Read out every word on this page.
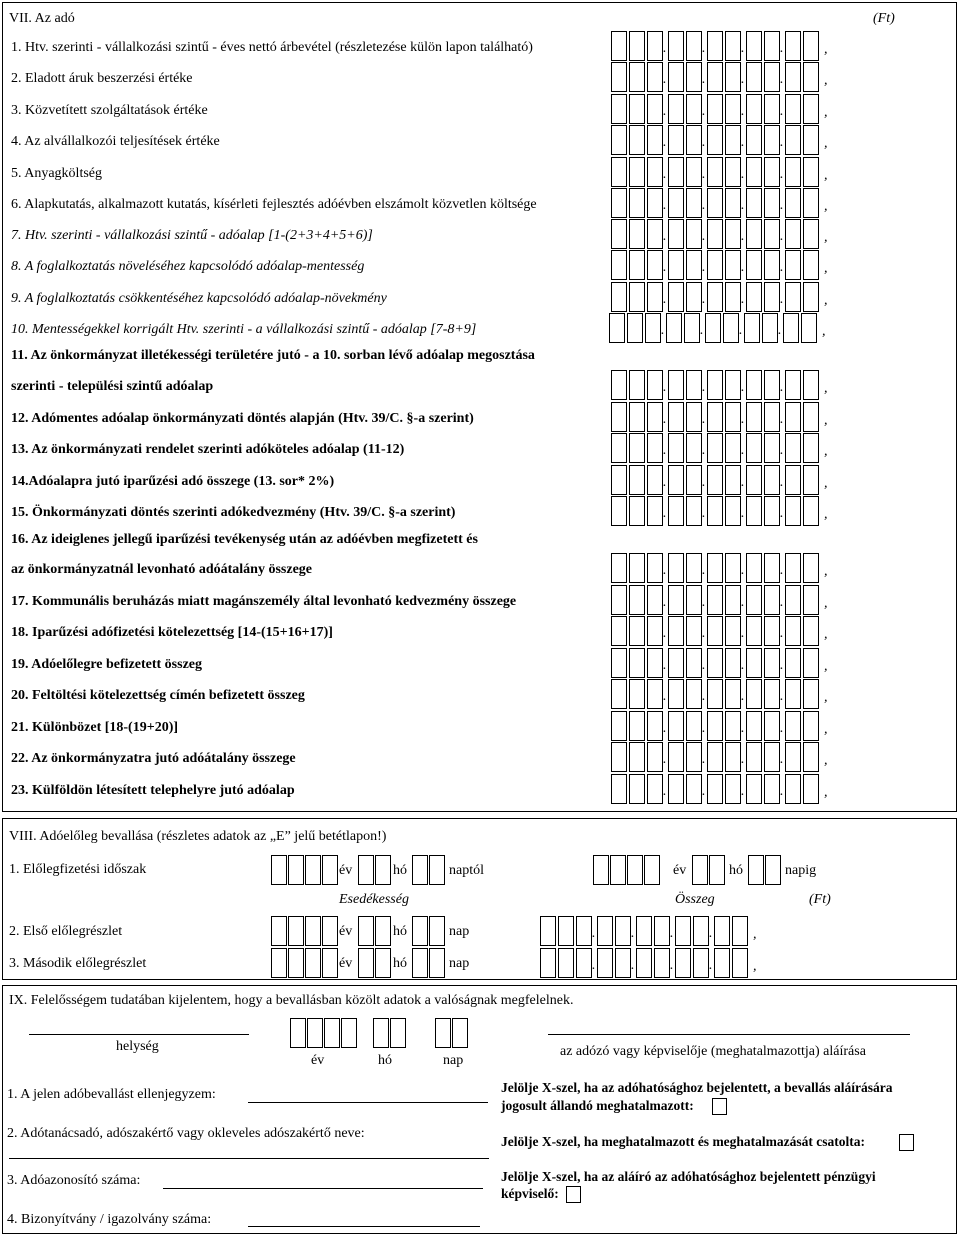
VII. Az adó	(Ft)
1. Htv. szerinti - vállalkozási szintű - éves nettó árbevétel (részletezése külön lapon található)	.	.	.	.	,
2. Eladott áruk beszerzési értéke	.	.	.	.	,
3. Közvetített szolgáltatások értéke	.	.	.	.	,
4. Az alvállalkozói teljesítések értéke	.	.	.	.	,
5. Anyagköltség	.	.	.	.	,
6. Alapkutatás, alkalmazott kutatás, kísérleti fejlesztés adóévben elszámolt közvetlen költsége	.	.	.	.	,
7. Htv. szerinti - vállalkozási szintű - adóalap [1-(2+3+4+5+6)]	.	.	.	.	,
8. A foglalkoztatás növeléséhez kapcsolódó adóalap-mentesség	.	.	.	.	,
9. A foglalkoztatás csökkentéséhez kapcsolódó adóalap-növekmény	.	.	.	.	,
10. Mentességekkel korrigált Htv. szerinti - a vállalkozási szintű - adóalap [7-8+9]	.	.	.	.	,
11. Az önkormányzat illetékességi területére jutó - a 10. sorban lévő adóalap megosztása
szerinti - települési szintű adóalap	.	.	.	.	,
12. Adómentes adóalap önkormányzati döntés alapján (Htv. 39/C. §-a szerint)	.	.	.	.	,
13. Az önkormányzati rendelet szerinti adóköteles adóalap (11-12)	.	.	.	.	,
14.Adóalapra jutó iparűzési adó összege (13. sor* 2%)	.	.	.	.	,
15. Önkormányzati döntés szerinti adókedvezmény (Htv. 39/C. §-a szerint)	.	.	.	.	,
16. Az ideiglenes jellegű iparűzési tevékenység után az adóévben megfizetett és
az önkormányzatnál levonható adóátalány összege	.	.	.	.	,
17. Kommunális beruházás miatt magánszemély által levonható kedvezmény összege	.	.	.	.	,
18. Iparűzési adófizetési kötelezettség [14-(15+16+17)]	.	.	.	.	,
19. Adóelőlegre befizetett összeg	.	.	.	.	,
20. Feltöltési kötelezettség címén befizetett összeg	.	.	.	.	,
21. Különbözet [18-(19+20)]	.	.	.	.	,
22. Az önkormányzatra jutó adóátalány összege	.	.	.	.	,
23. Külföldön létesített telephelyre jutó adóalap	.	.	.	.	,
VIII. Adóelőleg bevallása (részletes adatok az „E” jelű betétlapon!)
1. Előlegfizetési időszak	év	hó	naptól	év	hó	napig
Esedékesség	Összeg	(Ft)
2. Első előlegrészlet	év	hó	nap	.	.	.	.	,
3. Második előlegrészlet	év	hó	nap	.	.	.	.	,
IX. Felelősségem tudatában kijelentem, hogy a bevallásban közölt adatok a valóságnak megfelelnek.
helység
év	hó	nap
az adózó vagy képviselője (meghatalmazottja) aláírása
1. A jelen adóbevallást ellenjegyzem:
2. Adótanácsadó, adószakértő vagy okleveles adószakértő neve:
3. Adóazonosító száma:
4. Bizonyítvány / igazolvány száma:
Jelölje X-szel, ha az adóhatósághoz bejelentett, a bevallás aláírására
jogosult állandó meghatalmazott:
Jelölje X-szel, ha meghatalmazott és meghatalmazását csatolta:
Jelölje X-szel, ha az aláíró az adóhatósághoz bejelentett pénzügyi
képviselő:
